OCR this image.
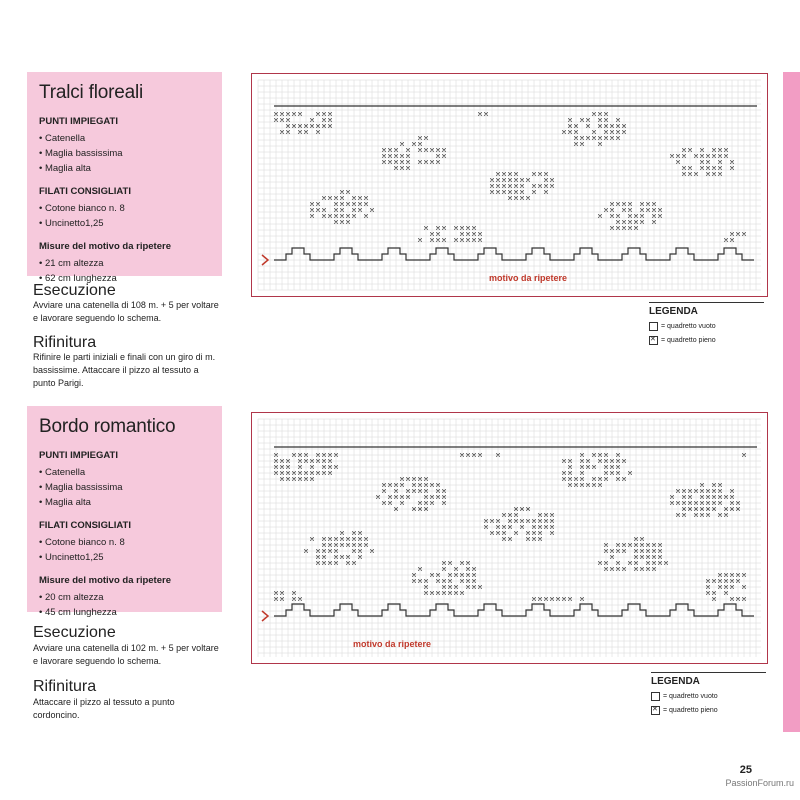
Tralci floreali
PUNTI IMPIEGATI
• Catenella
• Maglia bassissima
• Maglia alta
FILATI CONSIGLIATI
• Cotone bianco n. 8
• Uncinetto1,25
Misure del motivo da ripetere
• 21 cm altezza
• 62 cm lunghezza
Esecuzione

Avviare una catenella di 108 m. + 5 per voltare e lavorare seguendo lo schema.

Rifinitura

Rifinire le parti iniziali e finali con un giro di m. bassissime. Attaccare il pizzo al tessuto a punto Parigi.

motivo da ripetere
LEGENDA
= quadretto vuoto
✕
= quadretto pieno
Bordo romantico
PUNTI IMPIEGATI
• Catenella
• Maglia bassissima
• Maglia alta
FILATI CONSIGLIATI
• Cotone bianco n. 8
• Uncinetto1,25
Misure del motivo da ripetere
• 20 cm altezza
• 45 cm lunghezza
Esecuzione

Avviare una catenella di 102 m. + 5 per voltare e lavorare seguendo lo schema.

Rifinitura

Attaccare il pizzo al tessuto a punto cordoncino.

motivo da ripetere
LEGENDA
= quadretto vuoto
✕
= quadretto pieno
25
PassionForum.ru
